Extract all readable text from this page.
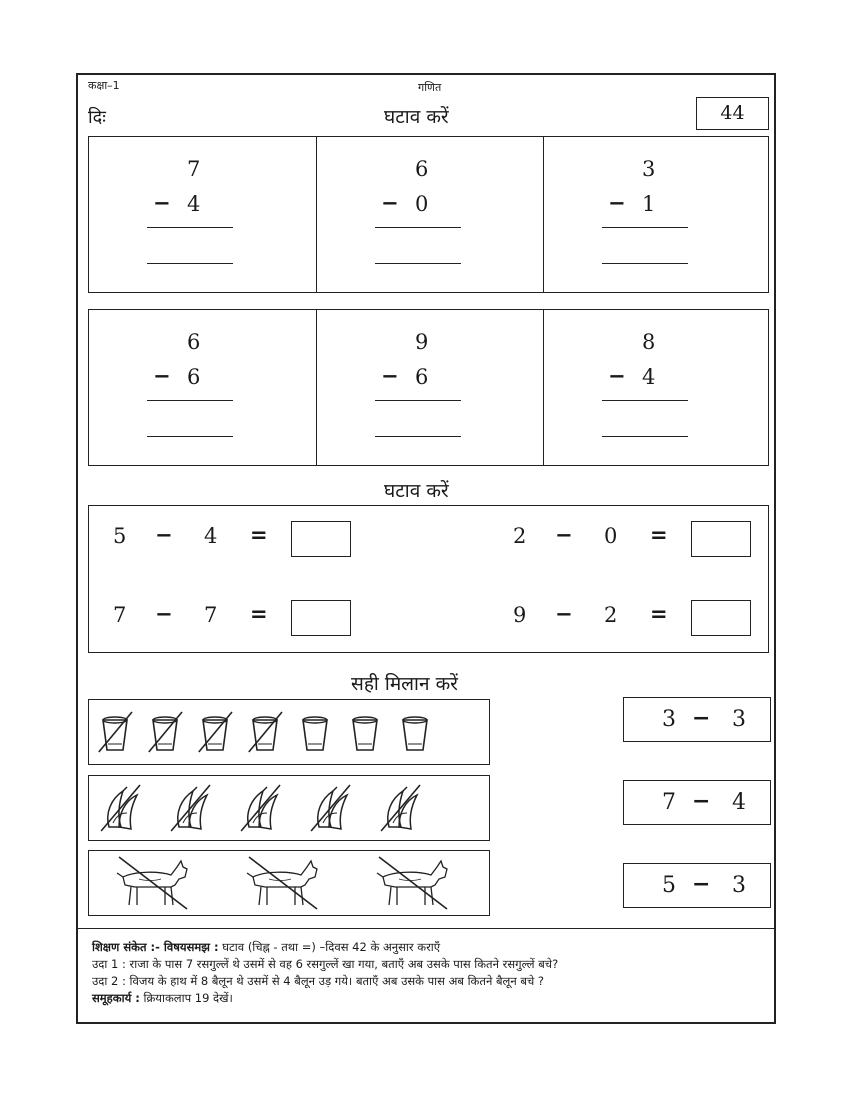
कक्षा–1	गणित
दिः	घटाव करें	44
7
− 4
6
− 0
3
− 1
6
− 6
9
− 6
8
− 4
घटाव करें
5 − 4 =	2 − 0 =
7 − 7 =	9 − 2 =
सही मिलान करें
3 − 3
7 − 4
5 − 3
शिक्षण संकेत :- विषयसमझ : घटाव (चिह्न - तथा =) –दिवस 42 के अनुसार कराएँ
उदा 1 : राजा के पास 7 रसगुल्लें थे उसमें से वह 6 रसगुल्लें खा गया, बताएँ अब उसके पास कितने रसगुल्लें बचे?
उदा 2 : विजय के हाथ में 8 बैलून थे उसमें से 4 बैलून उड़ गये। बताएँ अब उसके पास अब कितने बैलून बचे ?
समूहकार्य : क्रियाकलाप 19 देखें।
